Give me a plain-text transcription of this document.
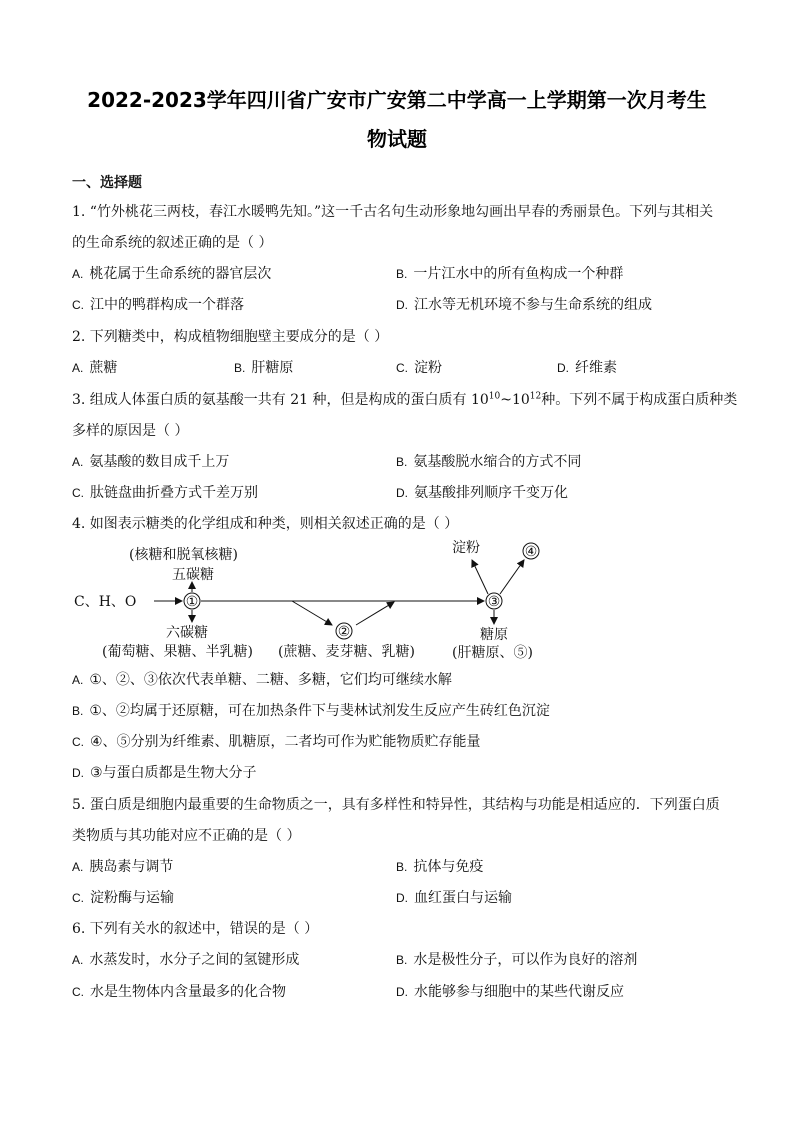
2022-2023学年四川省广安市广安第二中学高一上学期第一次月考生
物试题
一、选择题
1. “竹外桃花三两枝，春江水暖鸭先知。”这一千古名句生动形象地勾画出早春的秀丽景色。下列与其相关
的生命系统的叙述正确的是（ ）
A. 桃花属于生命系统的器官层次	B. 一片江水中的所有鱼构成一个种群
C. 江中的鸭群构成一个群落	D. 江水等无机环境不参与生命系统的组成
2. 下列糖类中，构成植物细胞壁主要成分的是（ ）
A. 蔗糖	B. 肝糖原	C. 淀粉	D. 纤维素
3. 组成人体蛋白质的氨基酸一共有 21 种，但是构成的蛋白质有 $10^{10}\sim 10^{12}$种。下列不属于构成蛋白质种类
多样的原因是（ ）
A. 氨基酸的数目成千上万	B. 氨基酸脱水缩合的方式不同
C. 肽链盘曲折叠方式千差万别	D. 氨基酸排列顺序千变万化
4. 如图表示糖类的化学组成和种类，则相关叙述正确的是（ ）
C、H、O	①
(核糖和脱氧核糖)
五碳糖
六碳糖
(葡萄糖、果糖、半乳糖)
②
(蔗糖、麦芽糖、乳糖)
③
淀粉	④
糖原
(肝糖原、⑤)
A. ①、②、③依次代表单糖、二糖、多糖，它们均可继续水解
B. ①、②均属于还原糖，可在加热条件下与斐林试剂发生反应产生砖红色沉淀
C. ④、⑤分别为纤维素、肌糖原，二者均可作为贮能物质贮存能量
D. ③与蛋白质都是生物大分子
5. 蛋白质是细胞内最重要的生命物质之一，具有多样性和特异性，其结构与功能是相适应的．下列蛋白质
类物质与其功能对应不正确的是（ ）
A. 胰岛素与调节	B. 抗体与免疫
C. 淀粉酶与运输	D. 血红蛋白与运输
6. 下列有关水的叙述中，错误的是（ ）
A. 水蒸发时，水分子之间的氢键形成	B. 水是极性分子，可以作为良好的溶剂
C. 水是生物体内含量最多的化合物	D. 水能够参与细胞中的某些代谢反应
